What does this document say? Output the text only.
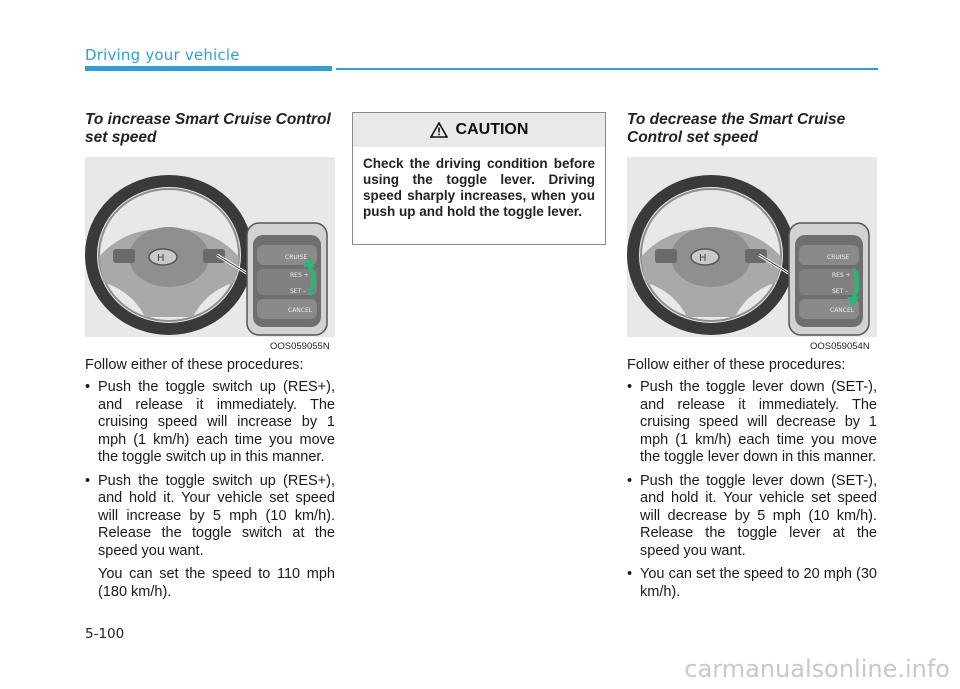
Driving your vehicle

To increase Smart Cruise Control set speed

H	CRUISE
RES +
SET –
CANCEL
OOS059055N

Follow either of these procedures:

• Push the toggle switch up (RES+), and release it immediately. The cruising speed will increase by 1 mph (1 km/h) each time you move the toggle switch up in this manner.
• Push the toggle switch up (RES+), and hold it. Your vehicle set speed will increase by 5 mph (10 km/h). Release the toggle switch at the speed you want.
You can set the speed to 110 mph (180 km/h).
CAUTION
Check the driving condition before using the toggle lever. Driving speed sharply increases, when you push up and hold the toggle lever.

To decrease the Smart Cruise Control set speed

H	CRUISE
RES +
SET –
CANCEL
OOS059054N

Follow either of these procedures:

• Push the toggle lever down (SET-), and release it immediately. The cruising speed will decrease by 1 mph (1 km/h) each time you move the toggle lever down in this manner.
• Push the toggle lever down (SET-), and hold it. Your vehicle set speed will decrease by 5 mph (10 km/h). Release the toggle lever at the speed you want.
• You can set the speed to 20 mph (30 km/h).
5-100
carmanualsonline.info
